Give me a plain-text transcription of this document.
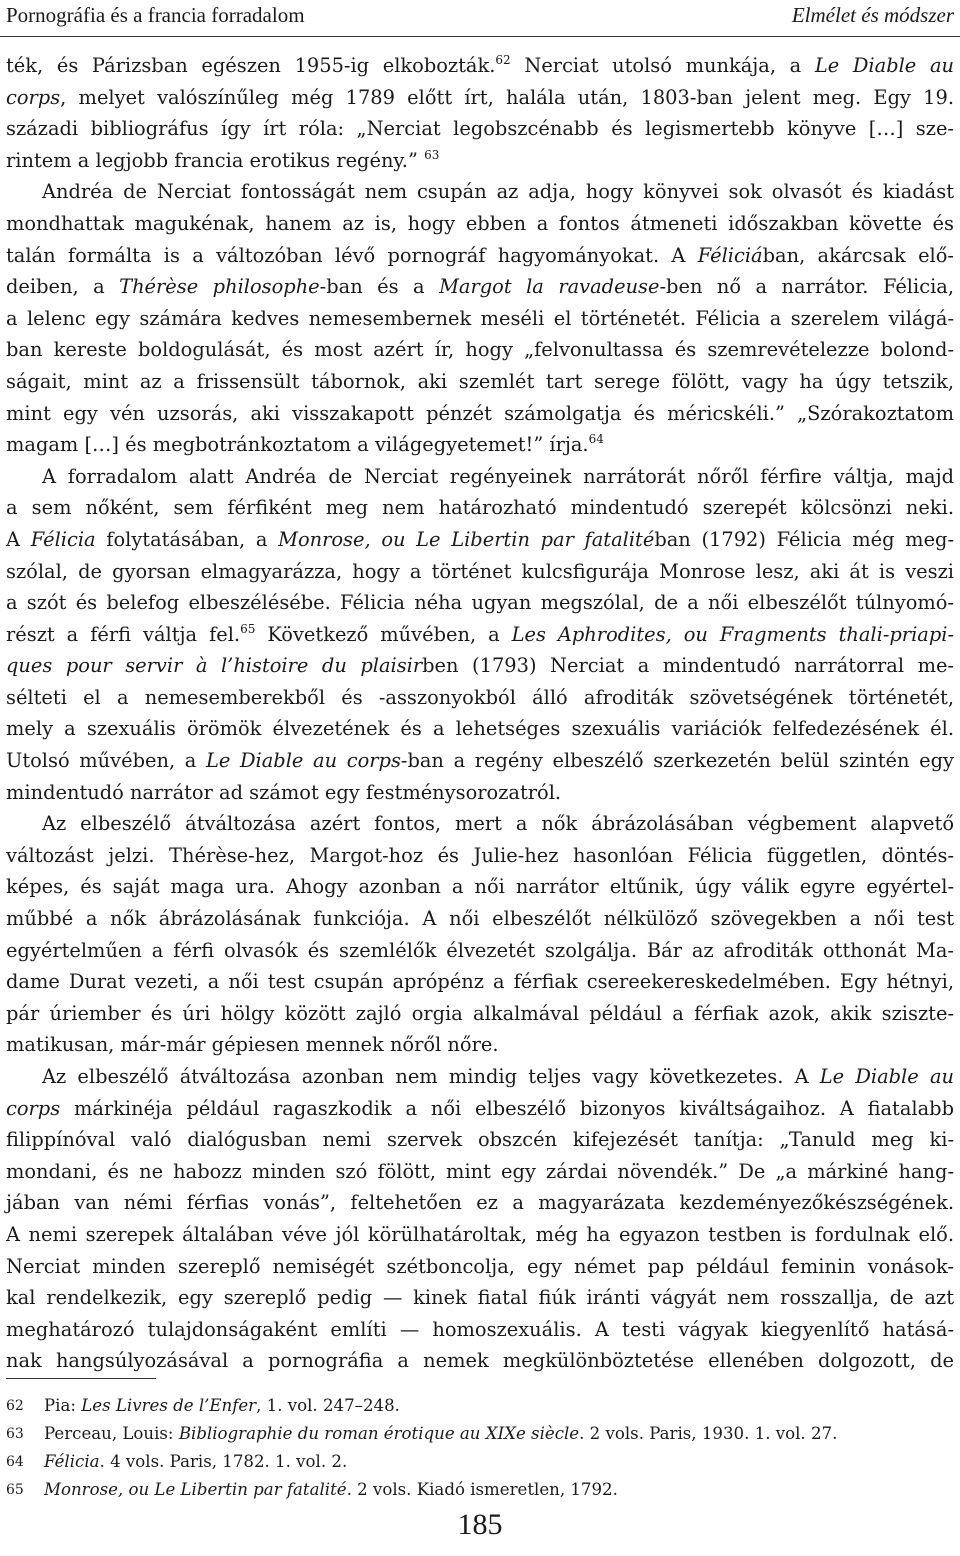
Pornográfia és a francia forradalom	Elmélet és módszer
ték, és Párizsban egészen 1955-ig elkobozták.$^{62}$ Nerciat utolsó munkája, a Le Diable au
corps, melyet valószínűleg még 1789 előtt írt, halála után, 1803-ban jelent meg. Egy 19.
századi bibliográfus így írt róla: „Nerciat legobszcénabb és legismertebb könyve […] sze-
rintem a legjobb francia erotikus regény.” $^{63}$
Andréa de Nerciat fontosságát nem csupán az adja, hogy könyvei sok olvasót és kiadást
mondhattak magukénak, hanem az is, hogy ebben a fontos átmeneti időszakban követte és
talán formálta is a változóban lévő pornográf hagyományokat. A Féliciában, akárcsak elő-
deiben, a Thérèse philosophe-ban és a Margot la ravadeuse-ben nő a narrátor. Félicia,
a lelenc egy számára kedves nemesembernek meséli el történetét. Félicia a szerelem világá-
ban kereste boldogulását, és most azért ír, hogy „felvonultassa és szemrevételezze bolond-
ságait, mint az a frissensült tábornok, aki szemlét tart serege fölött, vagy ha úgy tetszik,
mint egy vén uzsorás, aki visszakapott pénzét számolgatja és méricskéli.” „Szórakoztatom
magam […] és megbotránkoztatom a világegyetemet!” írja.$^{64}$
A forradalom alatt Andréa de Nerciat regényeinek narrátorát nőről férfire váltja, majd
a sem nőként, sem férfiként meg nem határozható mindentudó szerepét kölcsönzi neki.
A Félicia folytatásában, a Monrose, ou Le Libertin par fatalitéban (1792) Félicia még meg-
szólal, de gyorsan elmagyarázza, hogy a történet kulcsfigurája Monrose lesz, aki át is veszi
a szót és belefog elbeszélésébe. Félicia néha ugyan megszólal, de a női elbeszélőt túlnyomó-
részt a férfi váltja fel.$^{65}$ Következő művében, a Les Aphrodites, ou Fragments thali-priapi-
ques pour servir à l’histoire du plaisirben (1793) Nerciat a mindentudó narrátorral me-
sélteti el a nemesemberekből és -asszonyokból álló afroditák szövetségének történetét,
mely a szexuális örömök élvezetének és a lehetséges szexuális variációk felfedezésének él.
Utolsó művében, a Le Diable au corps-ban a regény elbeszélő szerkezetén belül szintén egy
mindentudó narrátor ad számot egy festménysorozatról.
Az elbeszélő átváltozása azért fontos, mert a nők ábrázolásában végbement alapvető
változást jelzi. Thérèse-hez, Margot-hoz és Julie-hez hasonlóan Félicia független, döntés-
képes, és saját maga ura. Ahogy azonban a női narrátor eltűnik, úgy válik egyre egyértel-
műbbé a nők ábrázolásának funkciója. A női elbeszélőt nélkülöző szövegekben a női test
egyértelműen a férfi olvasók és szemlélők élvezetét szolgálja. Bár az afroditák otthonát Ma-
dame Durat vezeti, a női test csupán aprópénz a férfiak csereekereskedelmében. Egy hétnyi,
pár úriember és úri hölgy között zajló orgia alkalmával például a férfiak azok, akik sziszte-
matikusan, már-már gépiesen mennek nőről nőre.
Az elbeszélő átváltozása azonban nem mindig teljes vagy következetes. A Le Diable au
corps márkinéja például ragaszkodik a női elbeszélő bizonyos kiváltságaihoz. A fiatalabb
filippínóval való dialógusban nemi szervek obszcén kifejezését tanítja: „Tanuld meg ki-
mondani, és ne habozz minden szó fölött, mint egy zárdai növendék.” De „a márkiné hang-
jában van némi férfias vonás”, feltehetően ez a magyarázata kezdeményezőkészségének.
A nemi szerepek általában véve jól körülhatároltak, még ha egyazon testben is fordulnak elő.
Nerciat minden szereplő nemiségét szétboncolja, egy német pap például feminin vonások-
kal rendelkezik, egy szereplő pedig — kinek fiatal fiúk iránti vágyát nem rosszallja, de azt
meghatározó tulajdonságaként említi — homoszexuális. A testi vágyak kiegyenlítő hatásá-
nak hangsúlyozásával a pornográfia a nemek megkülönböztetése ellenében dolgozott, de
62 Pia: Les Livres de l’Enfer, 1. vol. 247–248.
63 Perceau, Louis: Bibliographie du roman érotique au XIXe siècle. 2 vols. Paris, 1930. 1. vol. 27.
64 Félicia. 4 vols. Paris, 1782. 1. vol. 2.
65 Monrose, ou Le Libertin par fatalité. 2 vols. Kiadó ismeretlen, 1792.
185
